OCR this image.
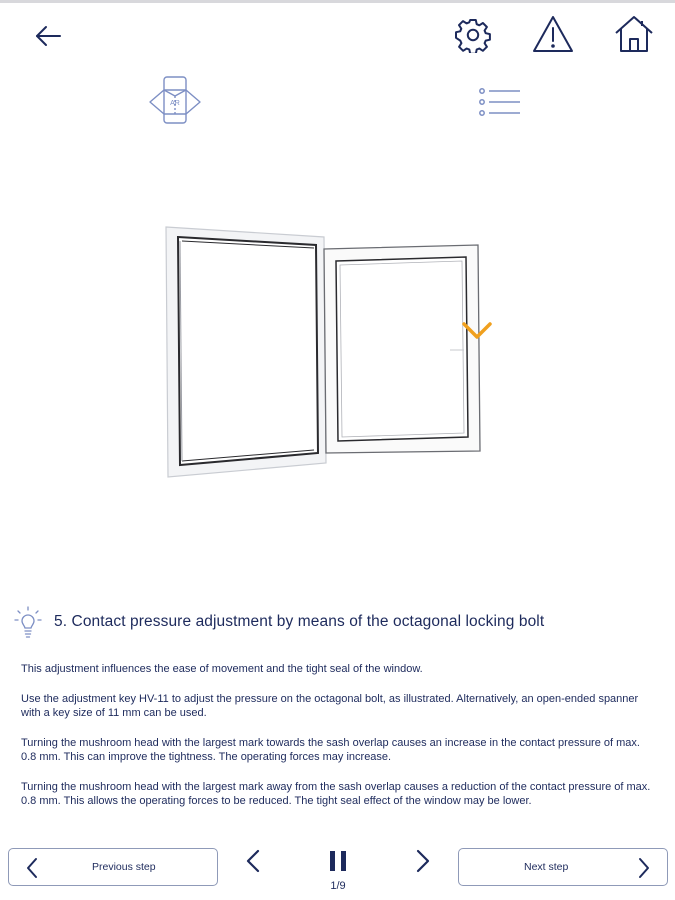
AR
5. Contact pressure adjustment by means of the octagonal locking bolt

This adjustment influences the ease of movement and the tight seal of the window.

Use the adjustment key HV-11 to adjust the pressure on the octagonal bolt, as illustrated. Alternatively, an open-ended spanner with a key size of 11 mm can be used.

Turning the mushroom head with the largest mark towards the sash overlap causes an increase in the contact pressure of max. 0.8 mm. This can improve the tightness. The operating forces may increase.

Turning the mushroom head with the largest mark away from the sash overlap causes a reduction of the contact pressure of max. 0.8 mm. This allows the operating forces to be reduced. The tight seal effect of the window may be lower.

Previous step
1/9
Next step
